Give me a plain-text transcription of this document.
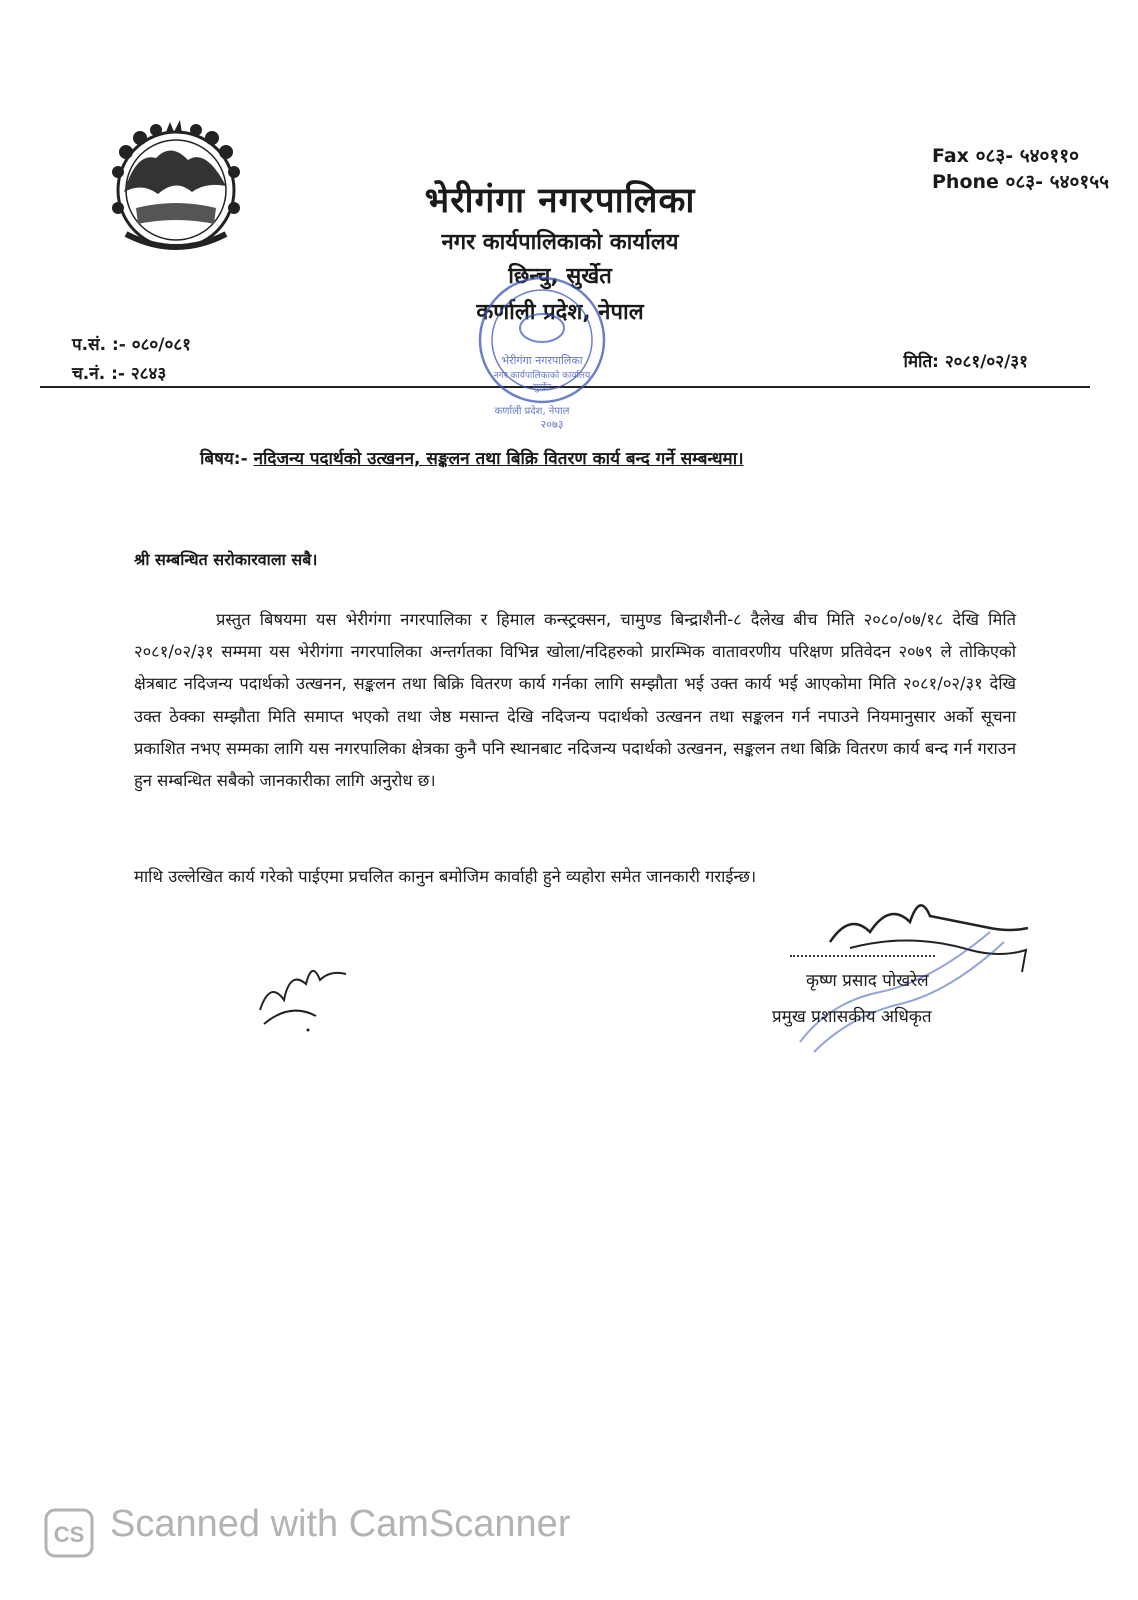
भेरीगंगा नगरपालिका
नगर कार्यपालिकाको कार्यालय
छिन्चु, सुर्खेत
कर्णाली प्रदेश, नेपाल
Fax ०८३- ५४०११०
Phone ०८३- ५४०१५५
प.सं. :- ०८०/०८१
च.नं. :- २८४३
मिति: २०८१/०२/३१
भेरीगंगा नगरपालिका
नगर कार्यपालिकाको कार्यालय
सुर्खेत
कर्णाली प्रदेश, नेपाल
२०७३
बिषय:- नदिजन्य पदार्थको उत्खनन, सङ्कलन तथा बिक्रि वितरण कार्य बन्द गर्ने सम्बन्धमा।
श्री सम्बन्धित सरोकारवाला सबै।
प्रस्तुत बिषयमा यस भेरीगंगा नगरपालिका र हिमाल कन्स्ट्रक्सन, चामुण्ड बिन्द्राशैनी-८ दैलेख बीच मिति २०८०/०७/१८ देखि मिति २०८१/०२/३१ सम्ममा यस भेरीगंगा नगरपालिका अन्तर्गतका विभिन्न खोला/नदिहरुको प्रारम्भिक वातावरणीय परिक्षण प्रतिवेदन २०७९ ले तोकिएको क्षेत्रबाट नदिजन्य पदार्थको उत्खनन, सङ्कलन तथा बिक्रि वितरण कार्य गर्नका लागि सम्झौता भई उक्त कार्य भई आएकोमा मिति २०८१/०२/३१ देखि उक्त ठेक्का सम्झौता मिति समाप्त भएको तथा जेष्ठ मसान्त देखि नदिजन्य पदार्थको उत्खनन तथा सङ्कलन गर्न नपाउने नियमानुसार अर्को सूचना प्रकाशित नभए सम्मका लागि यस नगरपालिका क्षेत्रका कुनै पनि स्थानबाट नदिजन्य पदार्थको उत्खनन, सङ्कलन तथा बिक्रि वितरण कार्य बन्द गर्न गराउन हुन सम्बन्धित सबैको जानकारीका लागि अनुरोध छ।
माथि उल्लेखित कार्य गरेको पाईएमा प्रचलित कानुन बमोजिम कार्वाही हुने व्यहोरा समेत जानकारी गराईन्छ।
कृष्ण प्रसाद पोखरेल
प्रमुख प्रशासकीय अधिकृत
CS Scanned with CamScanner
